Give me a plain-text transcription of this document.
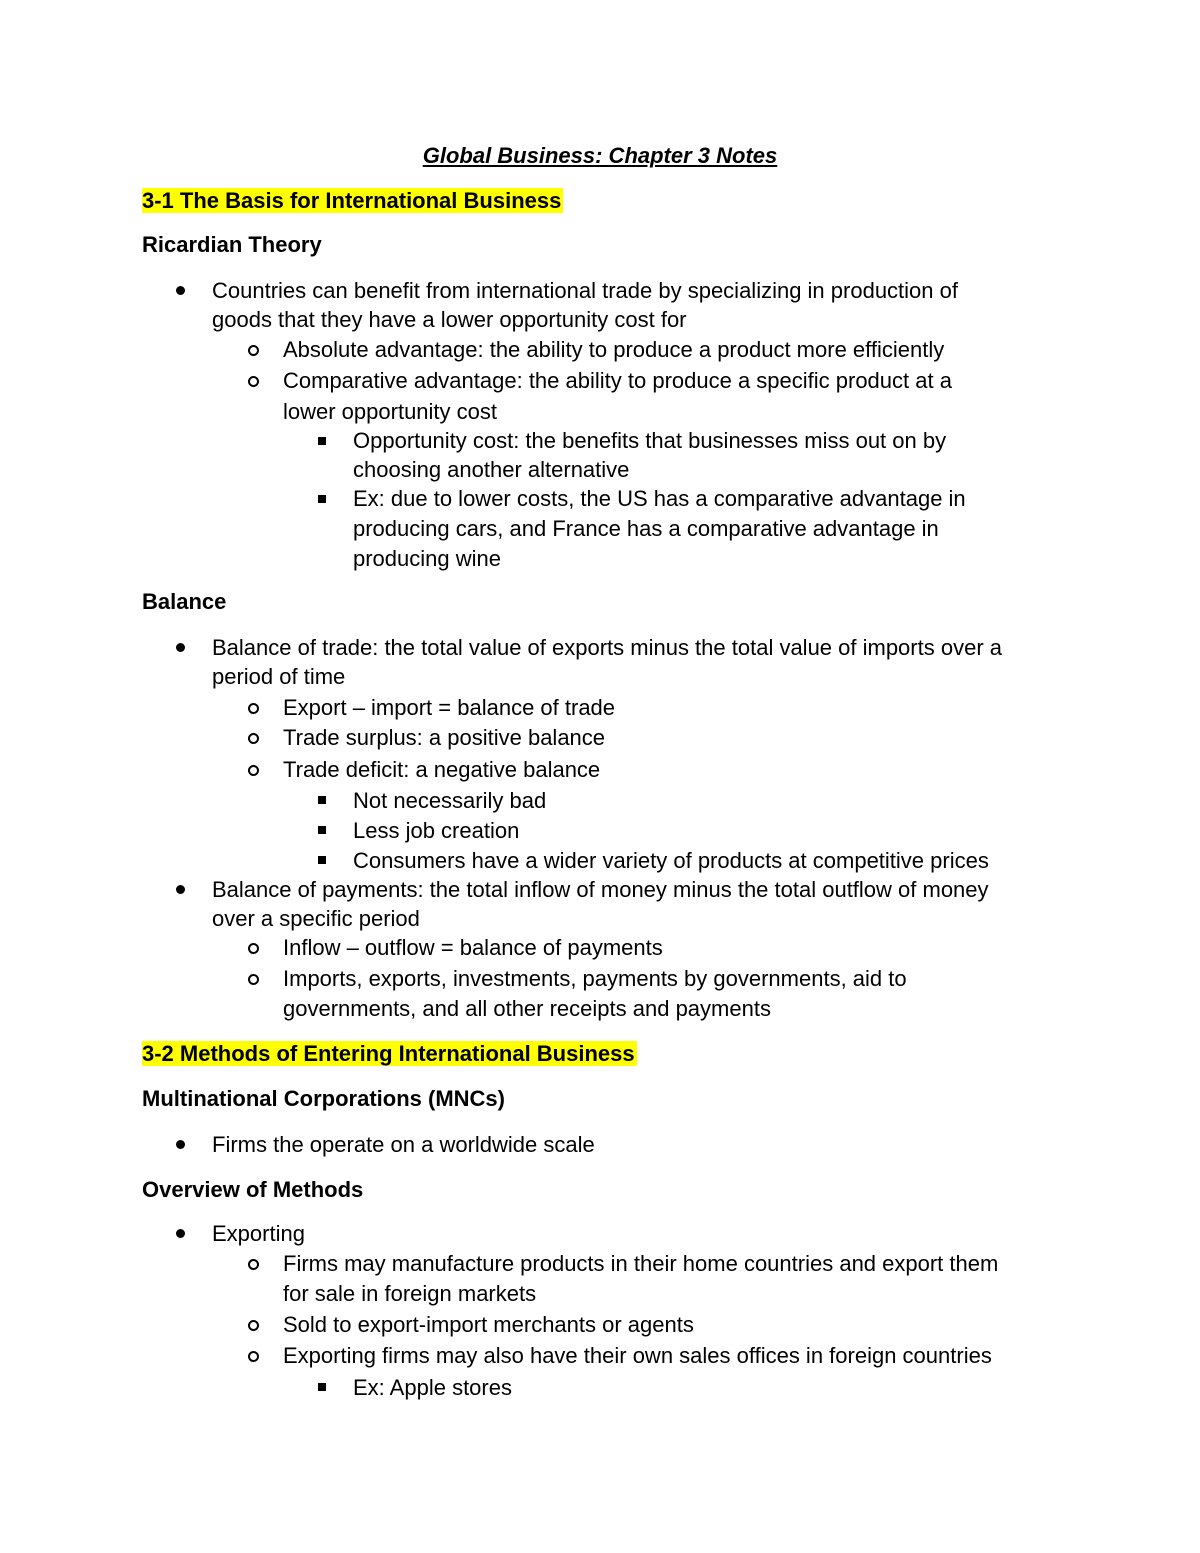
Global Business: Chapter 3 Notes
3-1 The Basis for International Business
Ricardian Theory

Countries can benefit from international trade by specializing in production of

goods that they have a lower opportunity cost for

Absolute advantage: the ability to produce a product more efficiently

Comparative advantage: the ability to produce a specific product at a

lower opportunity cost

Opportunity cost: the benefits that businesses miss out on by

choosing another alternative

Ex: due to lower costs, the US has a comparative advantage in

producing cars, and France has a comparative advantage in

producing wine

Balance

Balance of trade: the total value of exports minus the total value of imports over a

period of time

Export – import = balance of trade

Trade surplus: a positive balance

Trade deficit: a negative balance

Not necessarily bad

Less job creation

Consumers have a wider variety of products at competitive prices

Balance of payments: the total inflow of money minus the total outflow of money

over a specific period

Inflow – outflow = balance of payments

Imports, exports, investments, payments by governments, aid to

governments, and all other receipts and payments

3-2 Methods of Entering International Business
Multinational Corporations (MNCs)

Firms the operate on a worldwide scale

Overview of Methods

Exporting

Firms may manufacture products in their home countries and export them

for sale in foreign markets

Sold to export-import merchants or agents

Exporting firms may also have their own sales offices in foreign countries

Ex: Apple stores
